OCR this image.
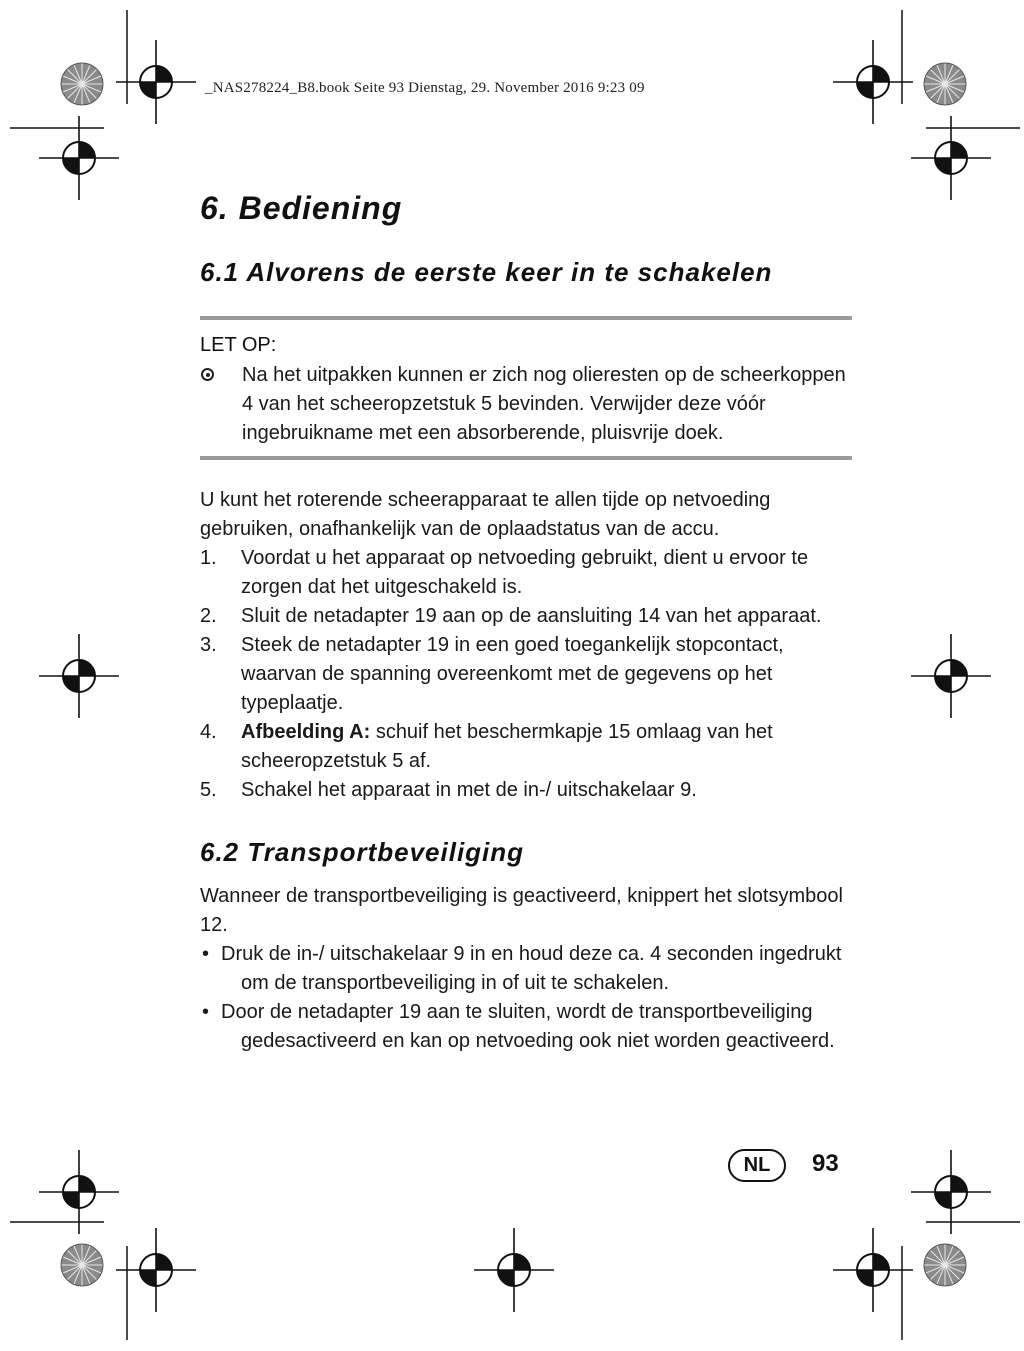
_NAS278224_B8.book Seite 93 Dienstag, 29. November 2016 9:23 09
6. Bediening
6.1 Alvorens de eerste keer in te schakelen
LET OP:
Na het uitpakken kunnen er zich nog olieresten op de scheerkoppen 4 van het scheeropzetstuk 5 bevinden. Verwijder deze vóór ingebruikname met een absorberende, pluisvrije doek.

U kunt het roterende scheerapparaat te allen tijde op netvoeding gebruiken, onafhankelijk van de oplaadstatus van de accu.

1. Voordat u het apparaat op netvoeding gebruikt, dient u ervoor te zorgen dat het uitgeschakeld is.
2. Sluit de netadapter 19 aan op de aansluiting 14 van het apparaat.
3. Steek de netadapter 19 in een goed toegankelijk stopcontact, waarvan de spanning overeenkomt met de gegevens op het typeplaatje.
4. Afbeelding A: schuif het beschermkapje 15 omlaag van het scheeropzetstuk 5 af.
5. Schakel het apparaat in met de in-/ uitschakelaar 9.
6.2 Transportbeveiliging

Wanneer de transportbeveiliging is geactiveerd, knippert het slotsymbool 12.

• Druk de in-/ uitschakelaar 9 in en houd deze ca. 4 seconden ingedrukt om de transportbeveiliging in of uit te schakelen.
• Door de netadapter 19 aan te sluiten, wordt de transportbeveiliging gedesactiveerd en kan op netvoeding ook niet worden geactiveerd.
NL	93
